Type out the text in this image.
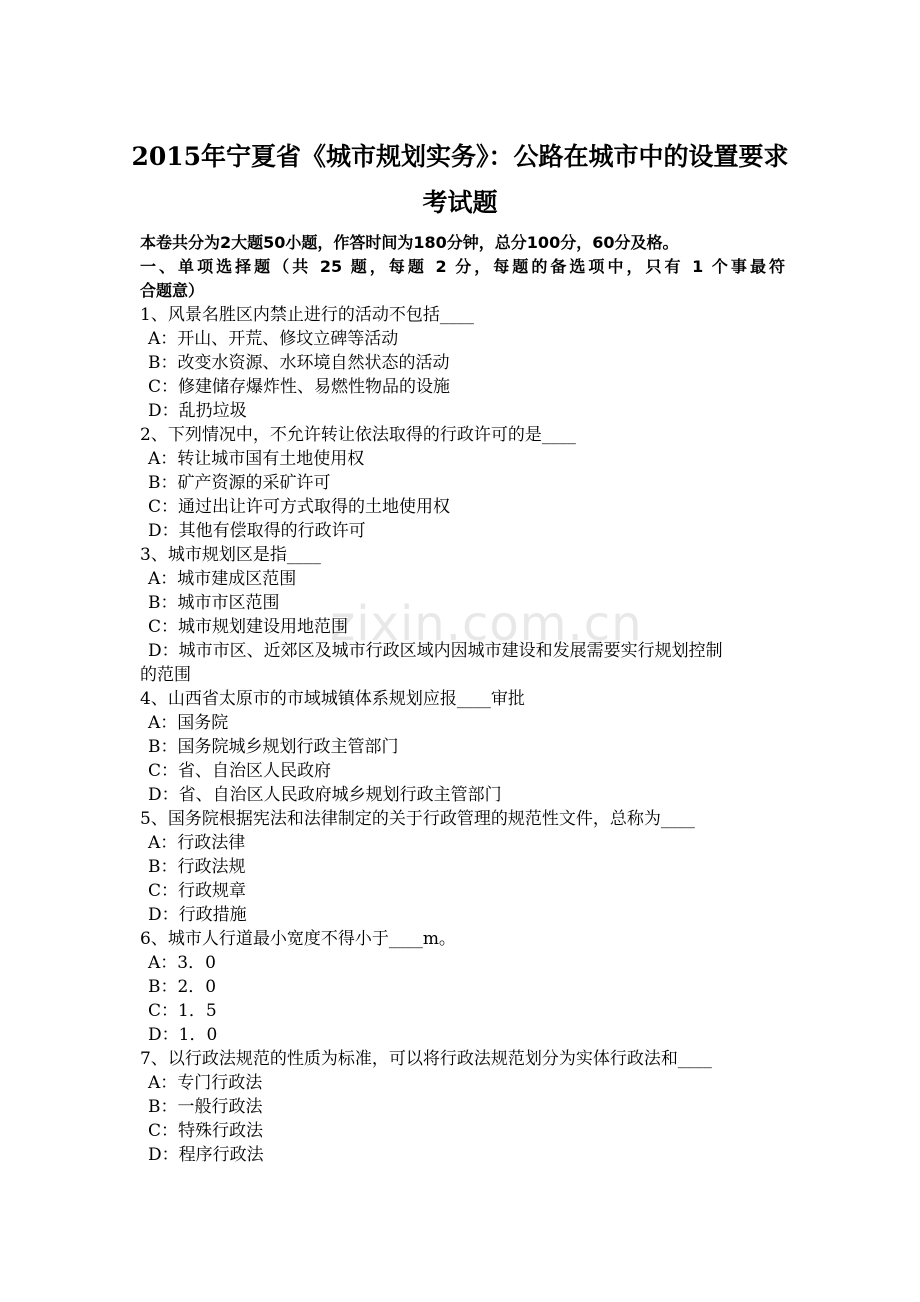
zixin.com.cn
2015年宁夏省《城市规划实务》：公路在城市中的设置要求
考试题
本卷共分为2大题50小题，作答时间为180分钟，总分100分，60分及格。
一、单项选择题（共 25 题，每题 2 分，每题的备选项中，只有 1 个事最符
合题意）
1、风景名胜区内禁止进行的活动不包括____
A：开山、开荒、修坟立碑等活动
B：改变水资源、水环境自然状态的活动
C：修建储存爆炸性、易燃性物品的设施
D：乱扔垃圾
2、下列情况中，不允许转让依法取得的行政许可的是____
A：转让城市国有土地使用权
B：矿产资源的采矿许可
C：通过出让许可方式取得的土地使用权
D：其他有偿取得的行政许可
3、城市规划区是指____
A：城市建成区范围
B：城市市区范围
C：城市规划建设用地范围
D：城市市区、近郊区及城市行政区域内因城市建设和发展需要实行规划控制
的范围
4、山西省太原市的市域城镇体系规划应报____审批
A：国务院
B：国务院城乡规划行政主管部门
C：省、自治区人民政府
D：省、自治区人民政府城乡规划行政主管部门
5、国务院根据宪法和法律制定的关于行政管理的规范性文件，总称为____
A：行政法律
B：行政法规
C：行政规章
D：行政措施
6、城市人行道最小宽度不得小于____m。
A：3．0
B：2．0
C：1．5
D：1．0
7、以行政法规范的性质为标准，可以将行政法规范划分为实体行政法和____
A：专门行政法
B：一般行政法
C：特殊行政法
D：程序行政法
